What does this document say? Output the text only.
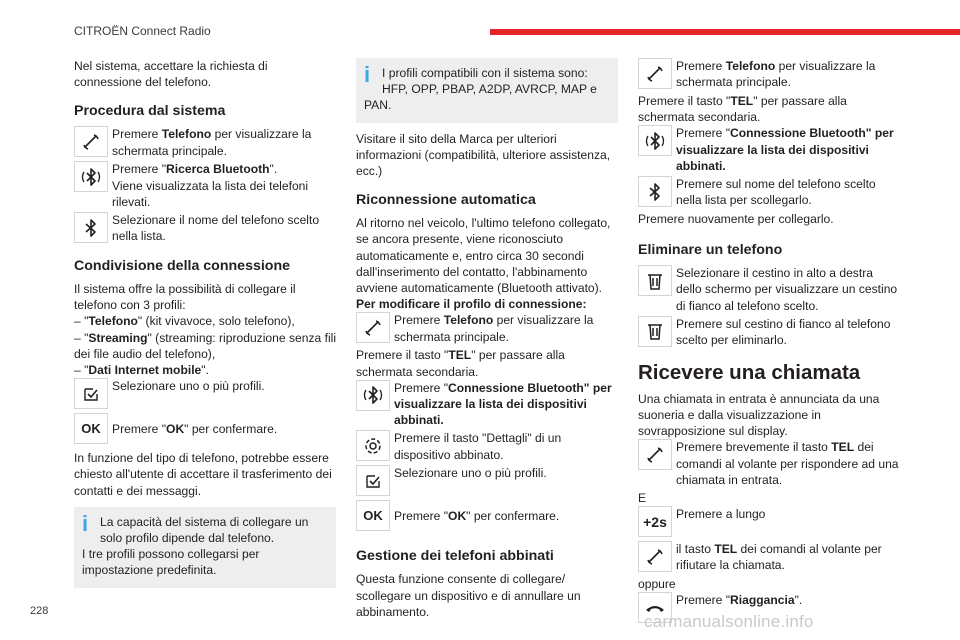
CITROËN Connect Radio

Nel sistema, accettare la richiesta di connessione del telefono.

Procedura dal sistema
Premere Telefono per visualizzare la schermata principale.
Premere "Ricerca Bluetooth".
Viene visualizzata la lista dei telefoni rilevati.
Selezionare il nome del telefono scelto nella lista.
Condivisione della connessione

Il sistema offre la possibilità di collegare il telefono con 3 profili:

– "Telefono" (kit vivavoce, solo telefono),

– "Streaming" (streaming: riproduzione senza fili dei file audio del telefono),

– "Dati Internet mobile".

Selezionare uno o più profili.
OK Premere "OK" per confermare.

In funzione del tipo di telefono, potrebbe essere chiesto all'utente di accettare il trasferimento dei contatti e dei messaggi.

i La capacità del sistema di collegare un solo profilo dipende dal telefono.

I tre profili possono collegarsi per impostazione predefinita.

i I profili compatibili con il sistema sono: HFP, OPP, PBAP, A2DP, AVRCP, MAP e PAN.

Visitare il sito della Marca per ulteriori informazioni (compatibilità, ulteriore assistenza, ecc.)

Riconnessione automatica

Al ritorno nel veicolo, l'ultimo telefono collegato, se ancora presente, viene riconosciuto automaticamente e, entro circa 30 secondi dall'inserimento del contatto, l'abbinamento avviene automaticamente (Bluetooth attivato).

Per modificare il profilo di connessione:

Premere Telefono per visualizzare la schermata principale.

Premere il tasto "TEL" per passare alla schermata secondaria.

Premere "Connessione Bluetooth" per visualizzare la lista dei dispositivi abbinati.
Premere il tasto "Dettagli" di un dispositivo abbinato.
Selezionare uno o più profili.
OK Premere "OK" per confermare.
Gestione dei telefoni abbinati

Questa funzione consente di collegare/ scollegare un dispositivo e di annullare un abbinamento.

Premere Telefono per visualizzare la schermata principale.

Premere il tasto "TEL" per passare alla schermata secondaria.

Premere "Connessione Bluetooth" per visualizzare la lista dei dispositivi abbinati.
Premere sul nome del telefono scelto nella lista per scollegarlo.

Premere nuovamente per collegarlo.

Eliminare un telefono
Selezionare il cestino in alto a destra dello schermo per visualizzare un cestino di fianco al telefono scelto.
Premere sul cestino di fianco al telefono scelto per eliminarlo.
Ricevere una chiamata

Una chiamata in entrata è annunciata da una suoneria e dalla visualizzazione in sovrapposizione sul display.

Premere brevemente il tasto TEL dei comandi al volante per rispondere ad una chiamata in entrata.

E

+2s Premere a lungo
il tasto TEL dei comandi al volante per rifiutare la chiamata.

oppure

Premere "Riaggancia".
228
carmanualsonline.info
